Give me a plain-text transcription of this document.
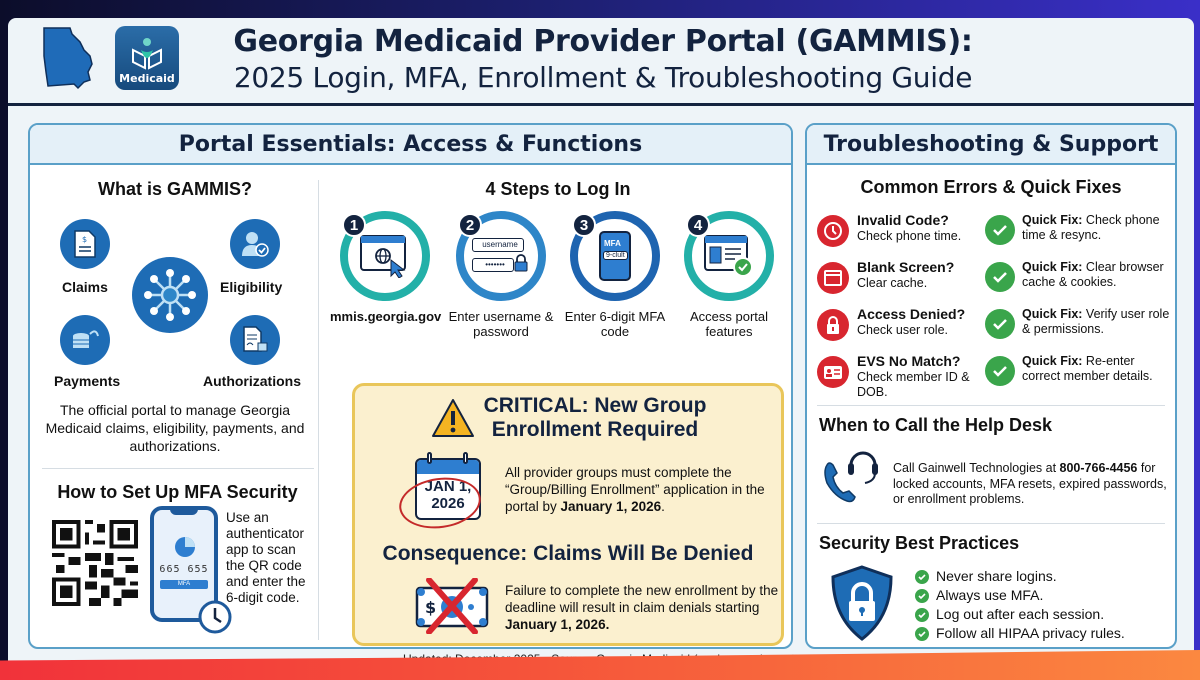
Medicaid
Georgia Medicaid Provider Portal (GAMMIS):
2025 Login, MFA, Enrollment & Troubleshooting Guide
Portal Essentials: Access & Functions
What is GAMMIS?
$
Claims	Eligibility
Payments	Authorizations
The official portal to manage Georgia Medicaid claims, eligibility, payments, and authorizations.
How to Set Up MFA Security
665 655
MFA
Use an authenticator app to scan the QR code and enter the 6-digit code.
4 Steps to Log In
1
mmis.georgia.gov
2
username
•••••••
Enter username & password
3
MFA
9-clult
Enter 6-digit MFA code
4
Access portal features
CRITICAL: New Group Enrollment Required
JAN 1,
2026
All provider groups must complete the “Group/Billing Enrollment” application in the portal by January 1, 2026.
Consequence: Claims Will Be Denied
$
Failure to complete the new enrollment by the deadline will result in claim denials starting January 1, 2026.
Troubleshooting & Support
Common Errors & Quick Fixes
Invalid Code?
Check phone time.
Quick Fix: Check phone time & resync.
Blank Screen?
Clear cache.
Quick Fix: Clear browser cache & cookies.
Access Denied?
Check user role.
Quick Fix: Verify user role & permissions.
EVS No Match?
Check member ID & DOB.
Quick Fix: Re-enter correct member details.
When to Call the Help Desk
Call Gainwell Technologies at 800-766-4456 for locked accounts, MFA resets, expired passwords, or enrollment problems.
Security Best Practices
Never share logins.
Always use MFA.
Log out after each session.
Follow all HIPAA privacy rules.
